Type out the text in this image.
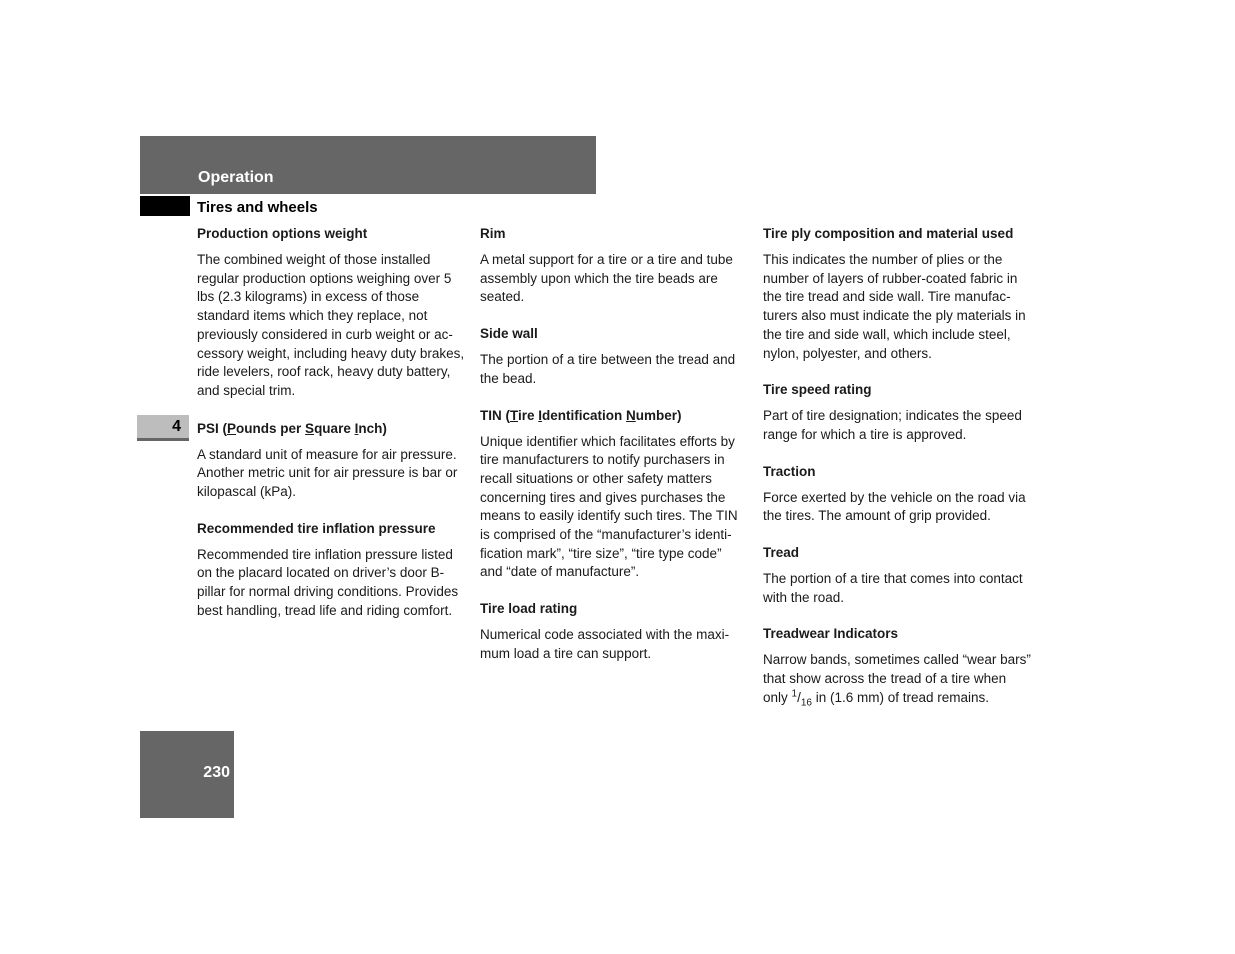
Operation
Tires and wheels
4
230

Production options weight

The combined weight of those installed regular production options weighing over 5 lbs (2.3 kilograms) in excess of those standard items which they replace, not previously considered in curb weight or accessory weight, including heavy duty brakes, ride levelers, roof rack, heavy duty battery, and special trim.

PSI (Pounds per Square Inch)

A standard unit of measure for air pressure. Another metric unit for air pressure is bar or kilopascal (kPa).

Recommended tire inflation pressure

Recommended tire inflation pressure listed on the placard located on driver’s door B-pillar for normal driving conditions. Provides best handling, tread life and riding comfort.

Rim

A metal support for a tire or a tire and tube assembly upon which the tire beads are seated.

Side wall

The portion of a tire between the tread and the bead.

TIN (Tire Identification Number)

Unique identifier which facilitates efforts by tire manufacturers to notify purchasers in recall situations or other safety matters concerning tires and gives purchases the means to easily identify such tires. The TIN is comprised of the “manufacturer’s identification mark”, “tire size”, “tire type code” and “date of manufacture”.

Tire load rating

Numerical code associated with the maximum load a tire can support.

Tire ply composition and material used

This indicates the number of plies or the number of layers of rubber-coated fabric in the tire tread and side wall. Tire manufacturers also must indicate the ply materials in the tire and side wall, which include steel, nylon, polyester, and others.

Tire speed rating

Part of tire designation; indicates the speed range for which a tire is approved.

Traction

Force exerted by the vehicle on the road via the tires. The amount of grip provided.

Tread

The portion of a tire that comes into contact with the road.

Treadwear Indicators

Narrow bands, sometimes called “wear bars” that show across the tread of a tire when only $^1/_{16}$ in (1.6 mm) of tread remains.
